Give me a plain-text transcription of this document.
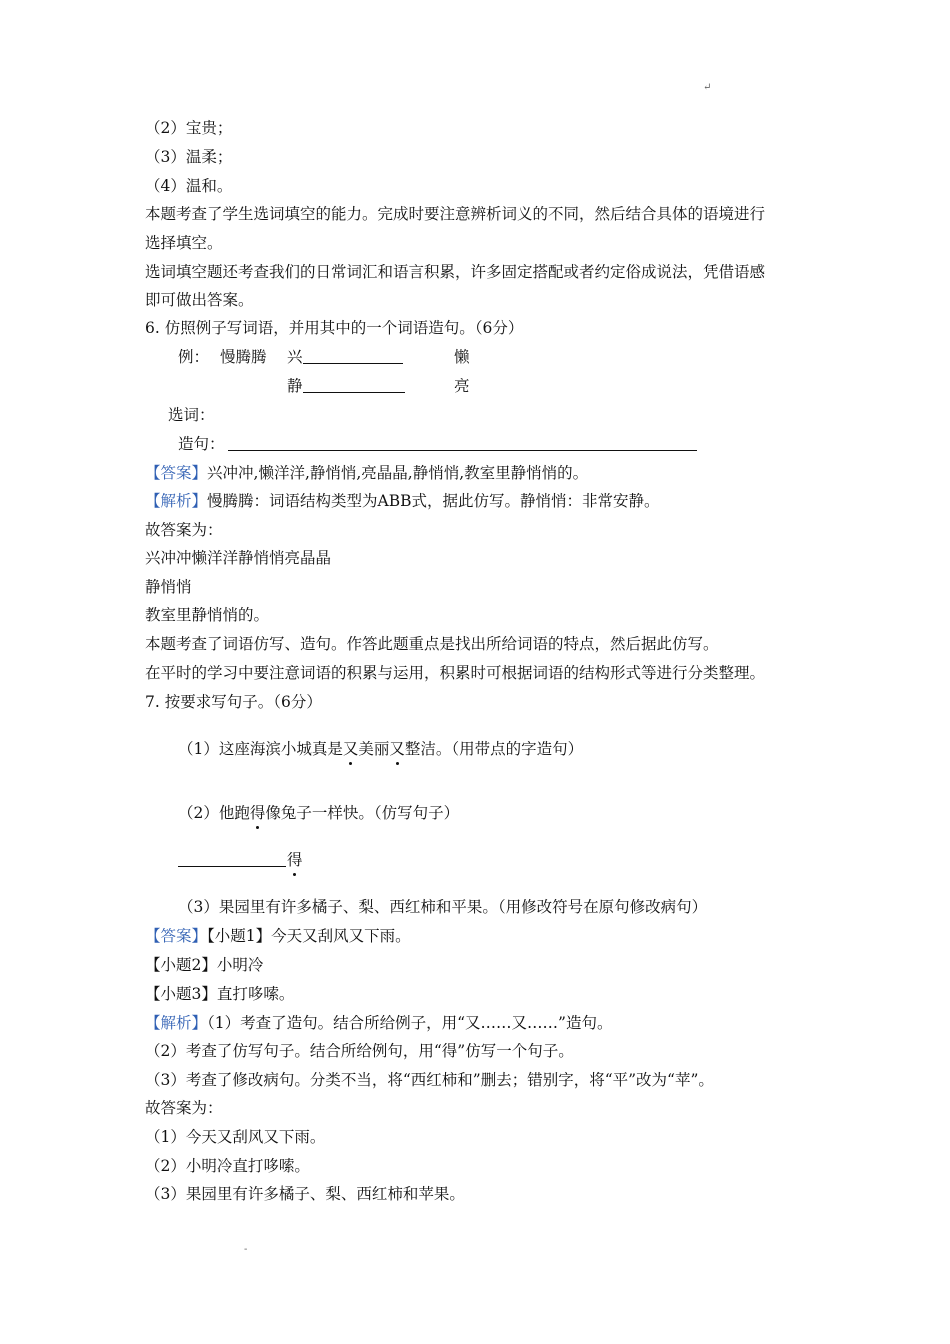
↵
（2）宝贵；
（3）温柔；
（4）温和。
本题考查了学生选词填空的能力。完成时要注意辨析词义的不同，然后结合具体的语境进行
选择填空。
选词填空题还考查我们的日常词汇和语言积累，许多固定搭配或者约定俗成说法，凭借语感
即可做出答案。
6. 仿照例子写词语，并用其中的一个词语造句。（6分）
例： 慢腾腾 兴	懒
静	亮
选词：
造句：
【答案】兴冲冲,懒洋洋,静悄悄,亮晶晶,静悄悄,教室里静悄悄的。
【解析】慢腾腾：词语结构类型为ABB式，据此仿写。静悄悄：非常安静。
故答案为：
兴冲冲懒洋洋静悄悄亮晶晶
静悄悄
教室里静悄悄的。
本题考查了词语仿写、造句。作答此题重点是找出所给词语的特点，然后据此仿写。
在平时的学习中要注意词语的积累与运用，积累时可根据词语的结构形式等进行分类整理。
7. 按要求写句子。（6分）
（1）这座海滨小城真是又美丽又整洁。（用带点的字造句）
（2）他跑得像兔子一样快。（仿写句子）
得
（3）果园里有许多橘子、梨、西红柿和平果。（用修改符号在原句修改病句）
【答案】【小题1】今天又刮风又下雨。
【小题2】小明冷
【小题3】直打哆嗦。
【解析】（1）考查了造句。结合所给例子，用“又……又……”造句。
（2）考查了仿写句子。结合所给例句，用“得”仿写一个句子。
（3）考查了修改病句。分类不当，将“西红柿和”删去；错别字，将“平”改为“苹”。
故答案为：
（1）今天又刮风又下雨。
（2）小明冷直打哆嗦。
（3）果园里有许多橘子、梨、西红柿和苹果。
-
